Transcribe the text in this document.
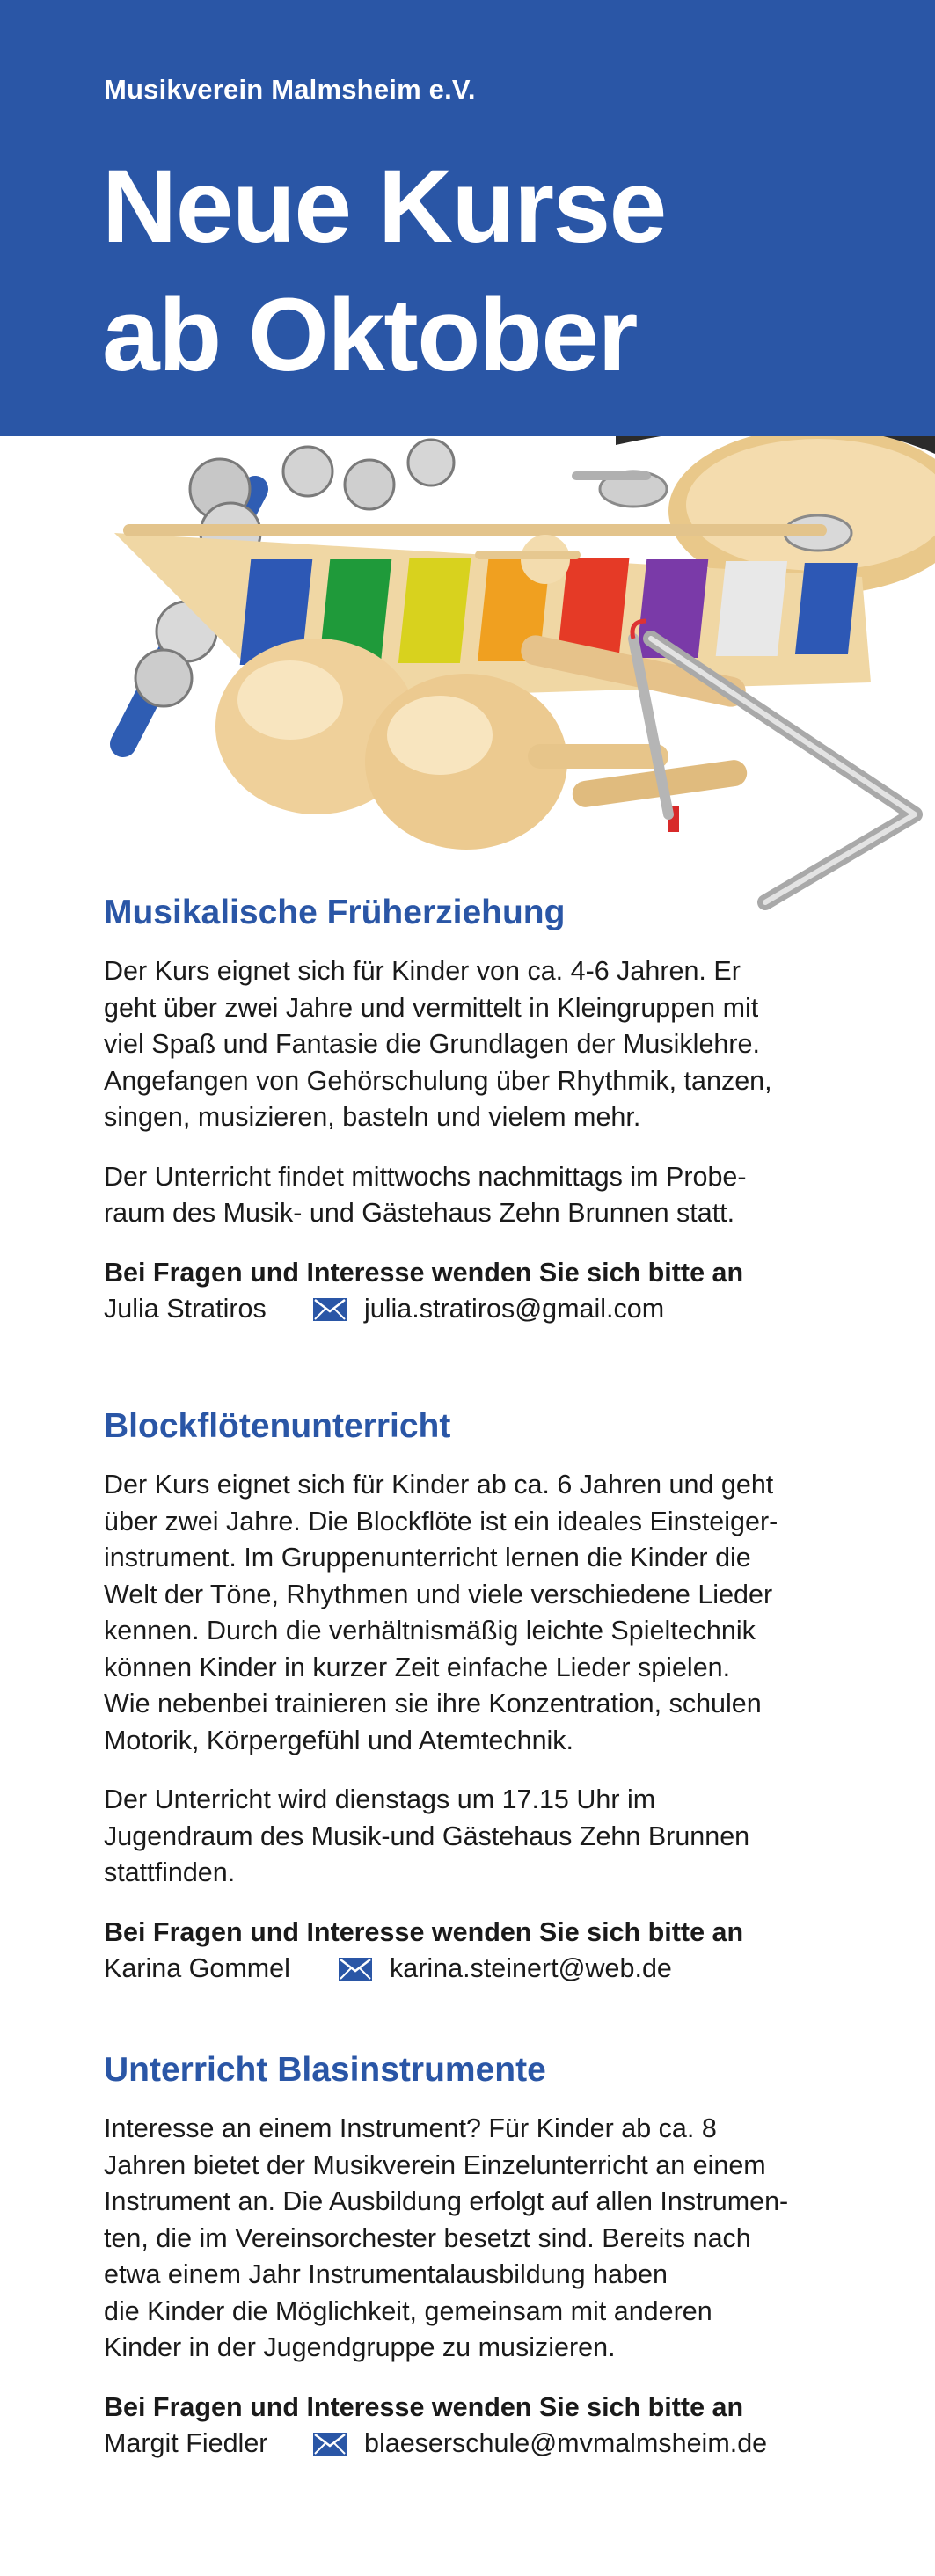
Musikverein Malmsheim e.V.
Neue Kurse
ab Oktober
Musikalische Früherziehung

Der Kurs eignet sich für Kinder von ca. 4-6 Jahren. Er
geht über zwei Jahre und vermittelt in Kleingruppen mit
viel Spaß und Fantasie die Grundlagen der Musiklehre.
Angefangen von Gehörschulung über Rhythmik, tanzen,
singen, musizieren, basteln und vielem mehr.

Der Unterricht findet mittwochs nachmittags im Probe-
raum des Musik- und Gästehaus Zehn Brunnen statt.

Bei Fragen und Interesse wenden Sie sich bitte an
Julia Stratiros	julia.stratiros@gmail.com
Blockflötenunterricht

Der Kurs eignet sich für Kinder ab ca. 6 Jahren und geht
über zwei Jahre. Die Blockflöte ist ein ideales Einsteiger-
instrument. Im Gruppenunterricht lernen die Kinder die
Welt der Töne, Rhythmen und viele verschiedene Lieder
kennen. Durch die verhältnismäßig leichte Spieltechnik
können Kinder in kurzer Zeit einfache Lieder spielen.
Wie nebenbei trainieren sie ihre Konzentration, schulen
Motorik, Körpergefühl und Atemtechnik.

Der Unterricht wird dienstags um 17.15 Uhr im
Jugendraum des Musik-und Gästehaus Zehn Brunnen
stattfinden.

Bei Fragen und Interesse wenden Sie sich bitte an
Karina Gommel	karina.steinert@web.de
Unterricht Blasinstrumente

Interesse an einem Instrument? Für Kinder ab ca. 8
Jahren bietet der Musikverein Einzelunterricht an einem
Instrument an. Die Ausbildung erfolgt auf allen Instrumen-
ten, die im Vereinsorchester besetzt sind. Bereits nach
etwa einem Jahr Instrumentalausbildung haben
die Kinder die Möglichkeit, gemeinsam mit anderen
Kinder in der Jugendgruppe zu musizieren.

Bei Fragen und Interesse wenden Sie sich bitte an
Margit Fiedler	blaeserschule@mvmalmsheim.de
